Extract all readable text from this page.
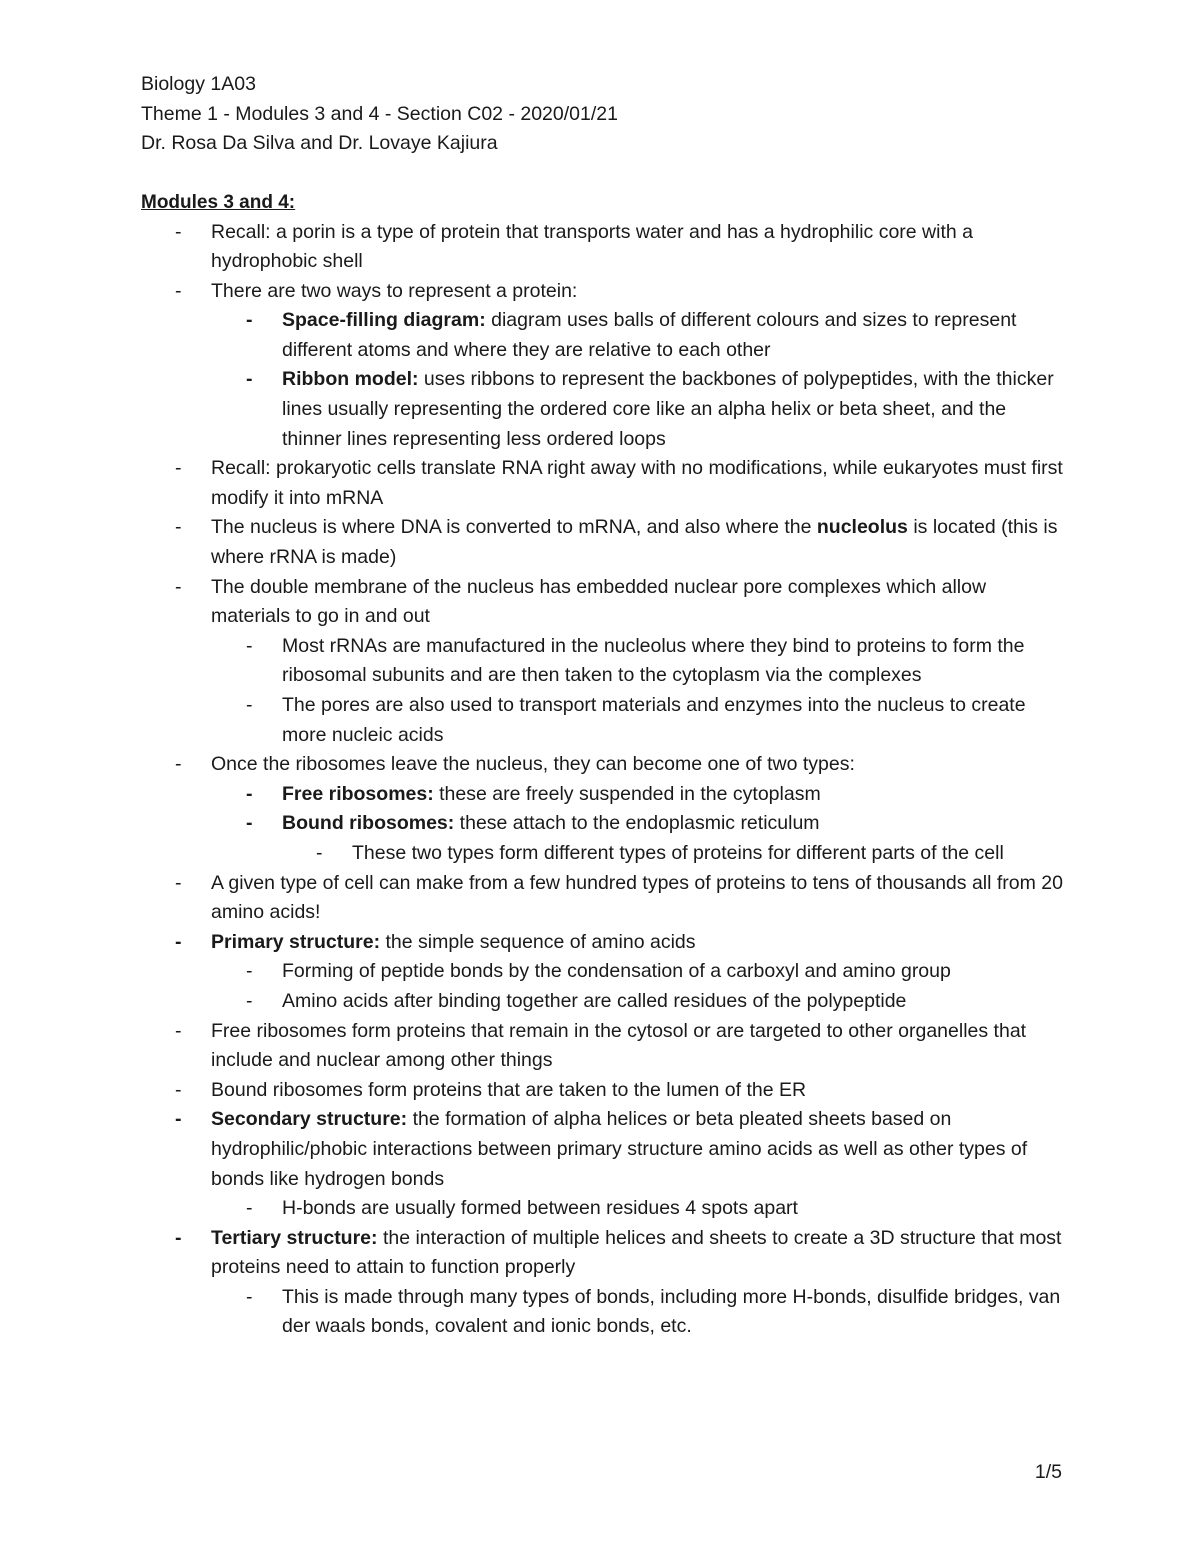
Biology 1A03
Theme 1 - Modules 3 and 4 - Section C02 - 2020/01/21
Dr. Rosa Da Silva and Dr. Lovaye Kajiura
Modules 3 and 4:
- Recall: a porin is a type of protein that transports water and has a hydrophilic core with a hydrophobic shell
- There are two ways to represent a protein:
- Space-filling diagram: diagram uses balls of different colours and sizes to represent different atoms and where they are relative to each other
- Ribbon model: uses ribbons to represent the backbones of polypeptides, with the thicker lines usually representing the ordered core like an alpha helix or beta sheet, and the thinner lines representing less ordered loops
- Recall: prokaryotic cells translate RNA right away with no modifications, while eukaryotes must first modify it into mRNA
- The nucleus is where DNA is converted to mRNA, and also where the nucleolus is located (this is where rRNA is made)
- The double membrane of the nucleus has embedded nuclear pore complexes which allow materials to go in and out
- Most rRNAs are manufactured in the nucleolus where they bind to proteins to form the ribosomal subunits and are then taken to the cytoplasm via the complexes
- The pores are also used to transport materials and enzymes into the nucleus to create more nucleic acids
- Once the ribosomes leave the nucleus, they can become one of two types:
- Free ribosomes: these are freely suspended in the cytoplasm
- Bound ribosomes: these attach to the endoplasmic reticulum
- These two types form different types of proteins for different parts of the cell
- A given type of cell can make from a few hundred types of proteins to tens of thousands all from 20 amino acids!
- Primary structure: the simple sequence of amino acids
- Forming of peptide bonds by the condensation of a carboxyl and amino group
- Amino acids after binding together are called residues of the polypeptide
- Free ribosomes form proteins that remain in the cytosol or are targeted to other organelles that include and nuclear among other things
- Bound ribosomes form proteins that are taken to the lumen of the ER
- Secondary structure: the formation of alpha helices or beta pleated sheets based on hydrophilic/phobic interactions between primary structure amino acids as well as other types of bonds like hydrogen bonds
- H-bonds are usually formed between residues 4 spots apart
- Tertiary structure: the interaction of multiple helices and sheets to create a 3D structure that most proteins need to attain to function properly
- This is made through many types of bonds, including more H-bonds, disulfide bridges, van der waals bonds, covalent and ionic bonds, etc.
1/5
